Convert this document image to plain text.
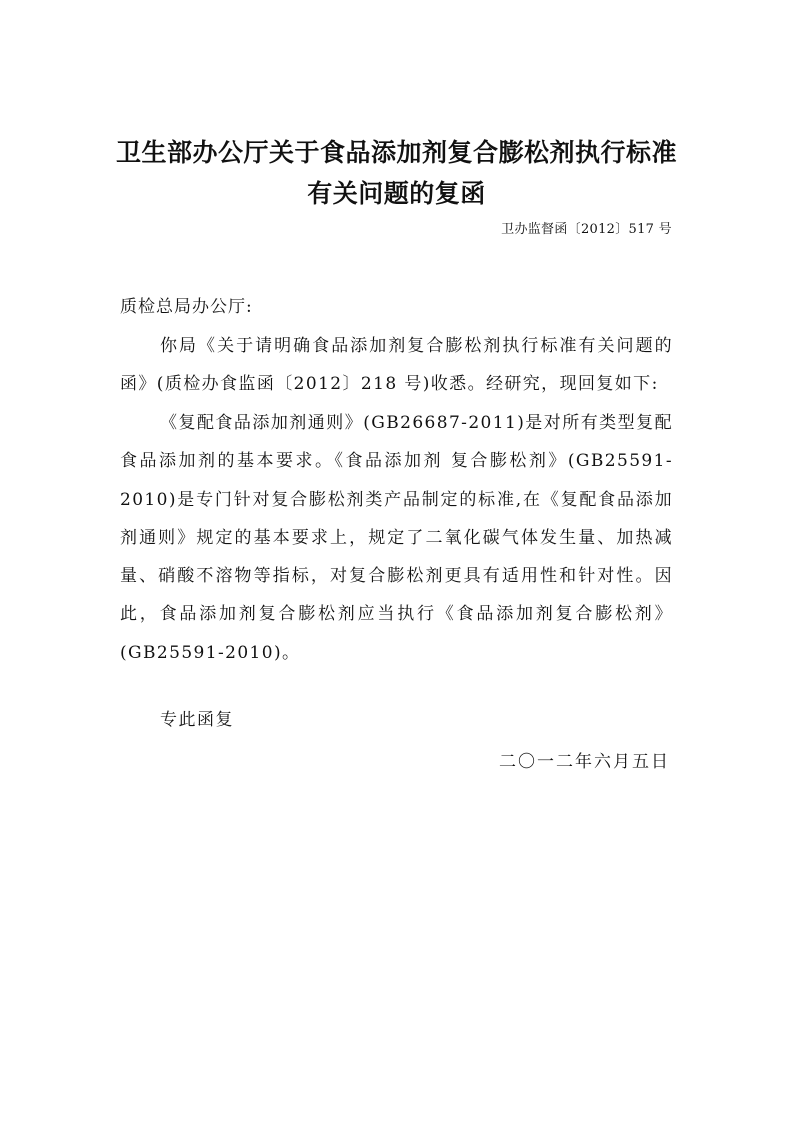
卫生部办公厅关于食品添加剂复合膨松剂执行标准
有关问题的复函
卫办监督函〔2012〕517 号
质检总局办公厅:

你局《关于请明确食品添加剂复合膨松剂执行标准有关问题的函》(质检办食监函〔2012〕218 号)收悉。经研究，现回复如下:

《复配食品添加剂通则》(GB26687-2011)是对所有类型复配食品添加剂的基本要求。《食品添加剂 复合膨松剂》(GB25591-2010)是专门针对复合膨松剂类产品制定的标准,在《复配食品添加剂通则》规定的基本要求上，规定了二氧化碳气体发生量、加热减量、硝酸不溶物等指标，对复合膨松剂更具有适用性和针对性。因此，食品添加剂复合膨松剂应当执行《食品添加剂复合膨松剂》(GB25591-2010)。

专此函复
二〇一二年六月五日
